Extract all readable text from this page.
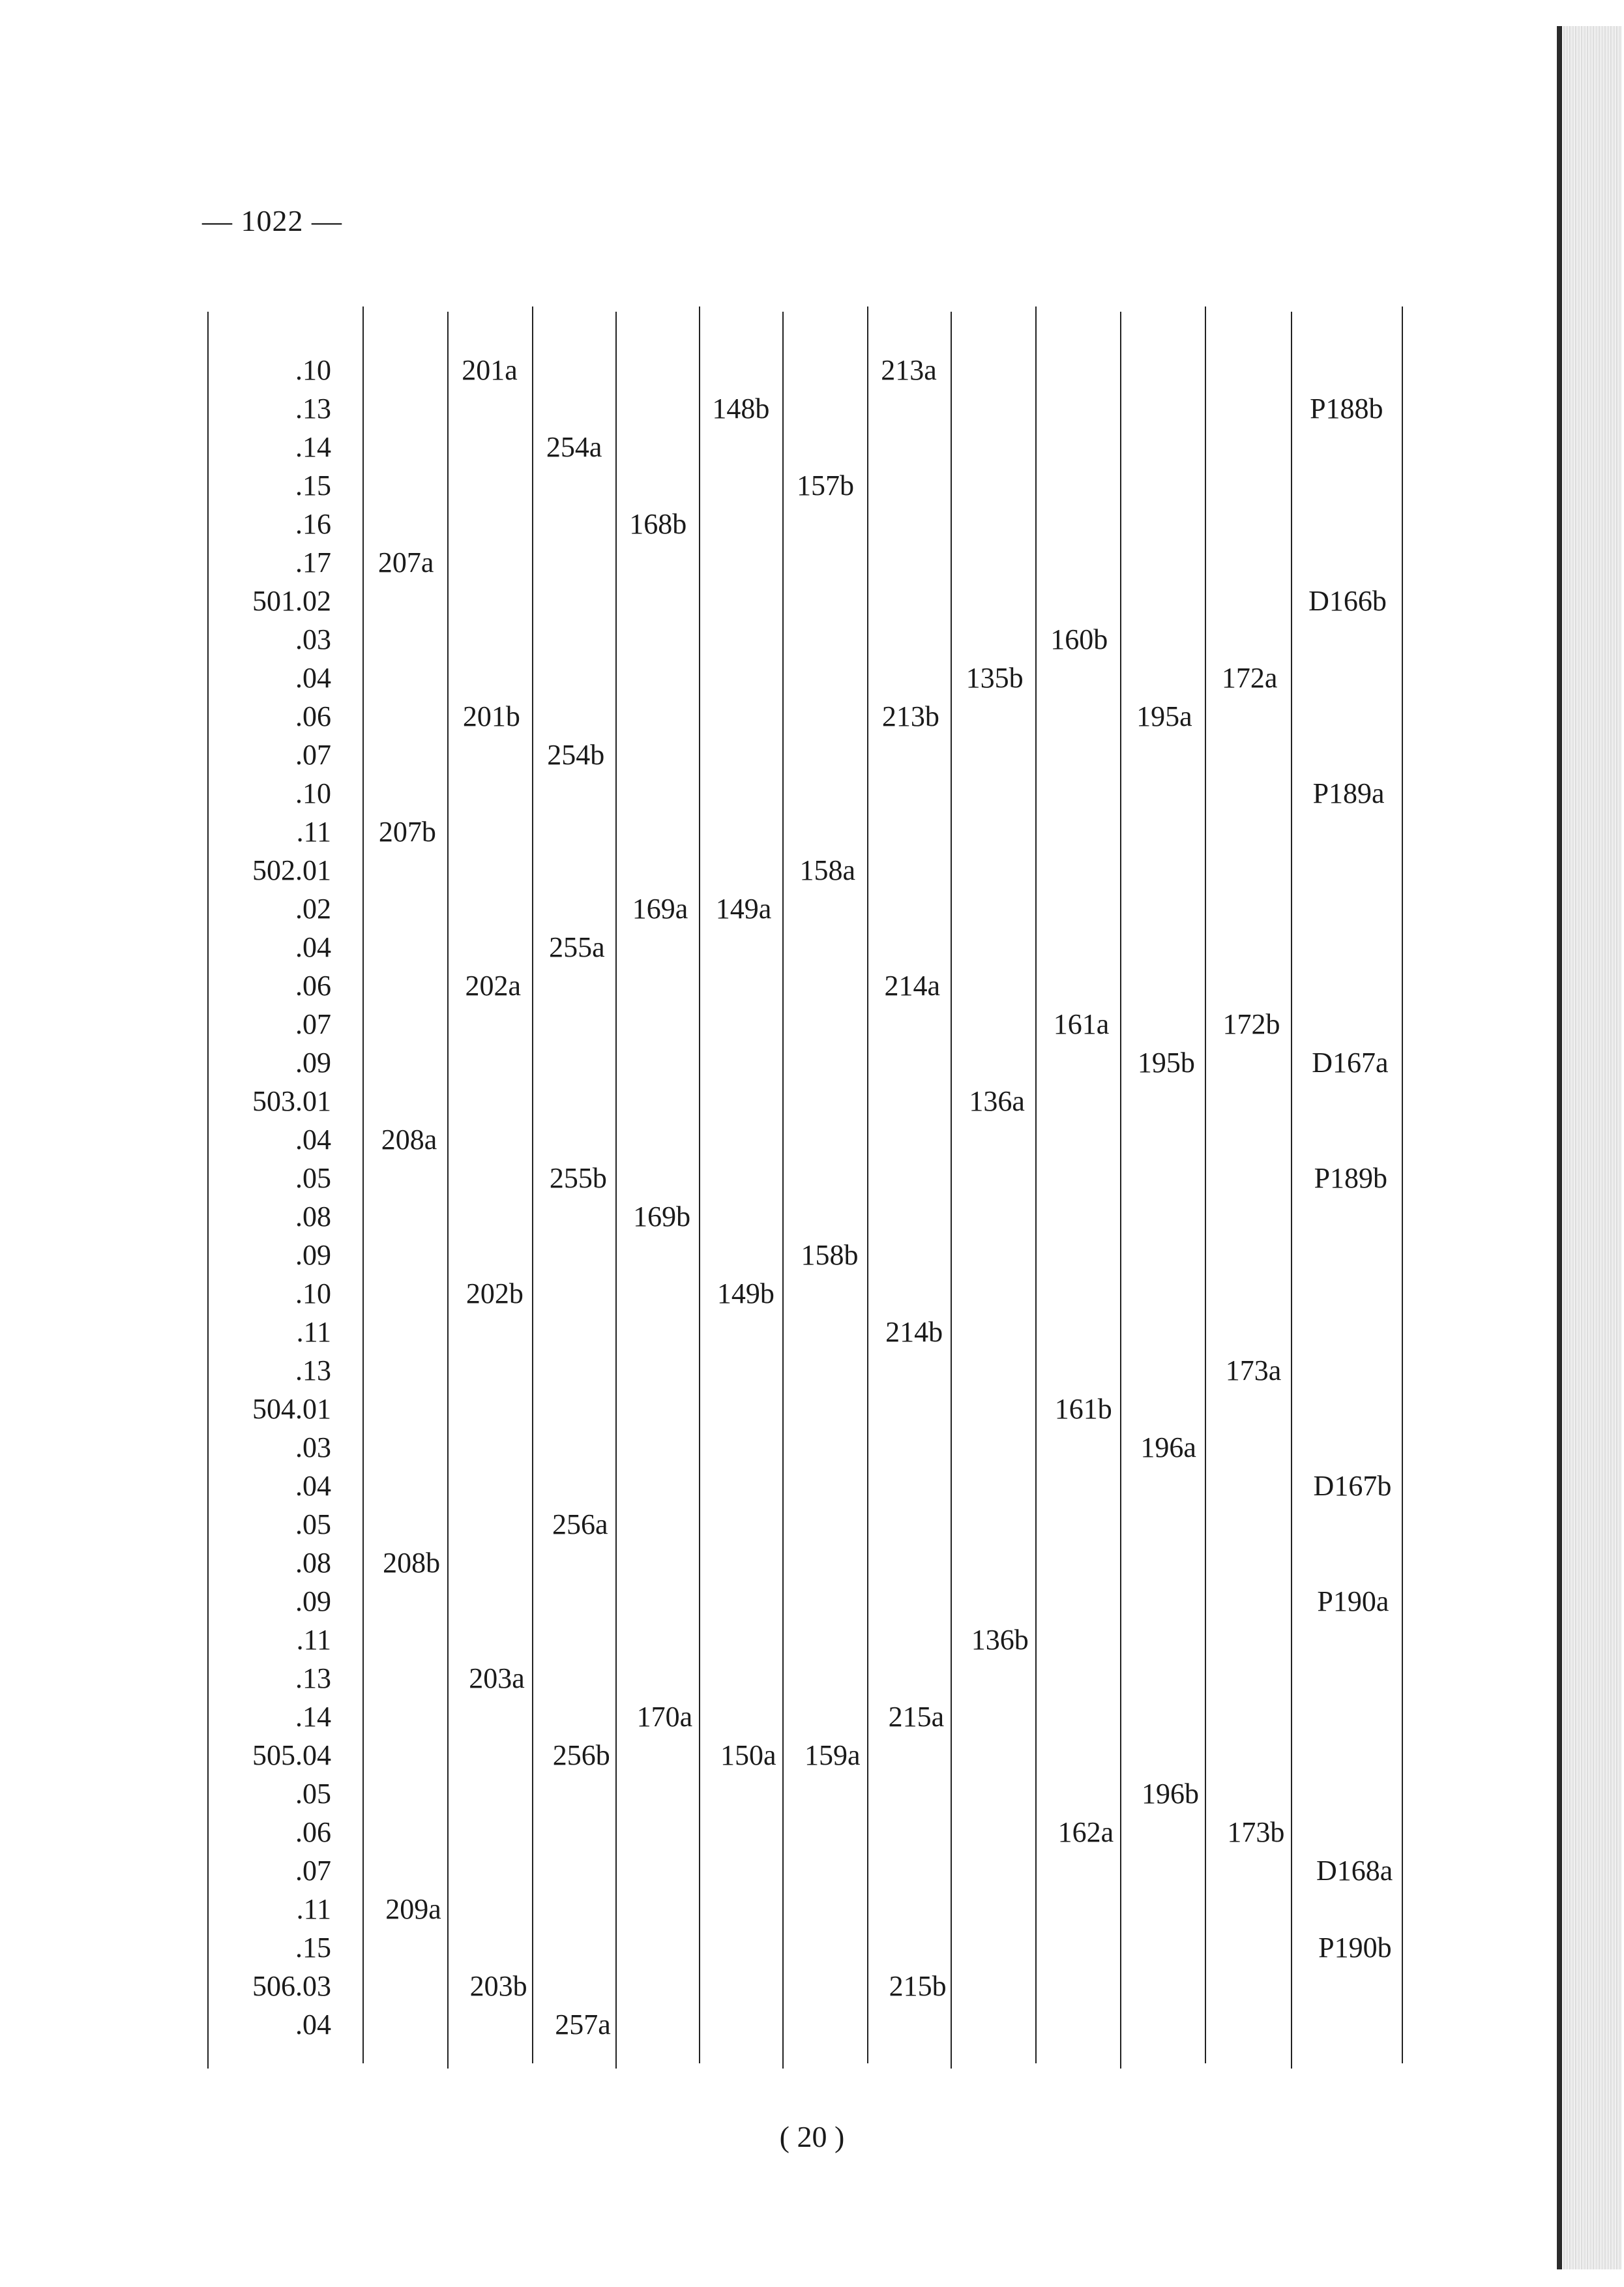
— 1022 —
.10
.13
.14
.15
.16
.17
501.02
.03
.04
.06
.07
.10
.11
502.01
.02
.04
.06
.07
.09
503.01
.04
.05
.08
.09
.10
.11
.13
504.01
.03
.04
.05
.08
.09
.11
.13
.14
505.04
.05
.06
.07
.11
.15
506.03
.04
207a
207b
208a
208b
209a
201a
201b
202a
202b
203a
203b
254a
254b
255a
255b
256a
256b
257a
168b
169a
169b
170a
148b
149a
149b
150a
157b
158a
158b
159a
213a
213b
214a
214b
215a
215b
135b
136a
136b
160b
161a
161b
162a
195a
195b
196a
196b
172a
172b
173a
173b
P188b
D166b
P189a
D167a
P189b
D167b
P190a
D168a
P190b
( 20 )
